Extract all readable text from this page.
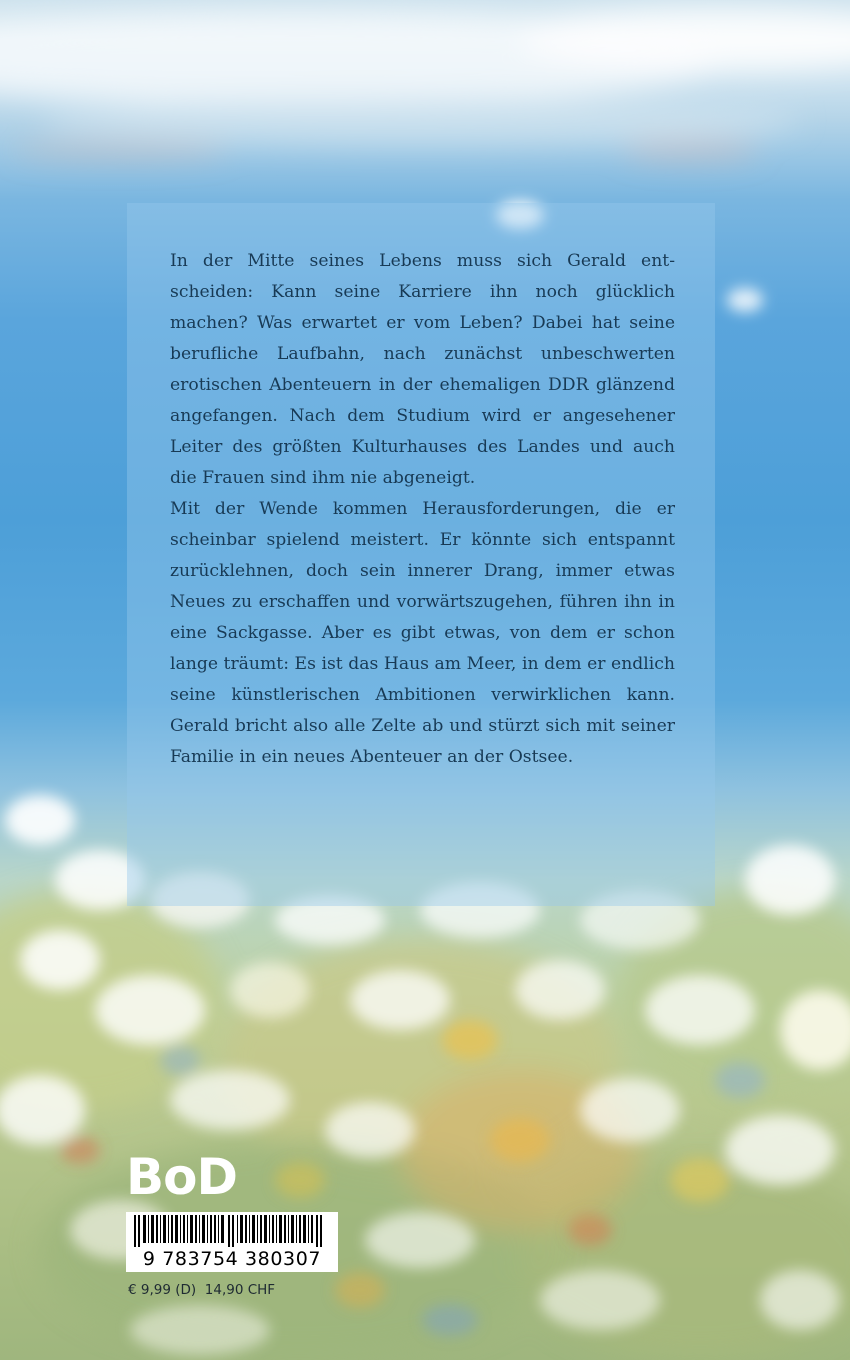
In der Mitte seines Lebens muss sich Gerald entscheiden: Kann seine Karriere ihn noch glücklich machen? Was erwartet er vom Leben? Dabei hat seine berufliche Laufbahn, nach zunächst unbeschwerten erotischen Abenteuern in der ehemaligen DDR glänzend angefangen. Nach dem Studium wird er angesehener Leiter des größten Kulturhauses des Landes und auch die Frauen sind ihm nie abgeneigt.

Mit der Wende kommen Herausforderungen, die er scheinbar spielend meistert. Er könnte sich entspannt zurücklehnen, doch sein innerer Drang, immer etwas Neues zu erschaffen und vorwärtszugehen, führen ihn in eine Sackgasse. Aber es gibt etwas, von dem er schon lange träumt: Es ist das Haus am Meer, in dem er endlich seine künstlerischen Ambitionen verwirklichen kann. Gerald bricht also alle Zelte ab und stürzt sich mit seiner Familie in ein neues Abenteuer an der Ostsee.

BoD
9 783754 380307
€ 9,99 (D) 14,90 CHF
